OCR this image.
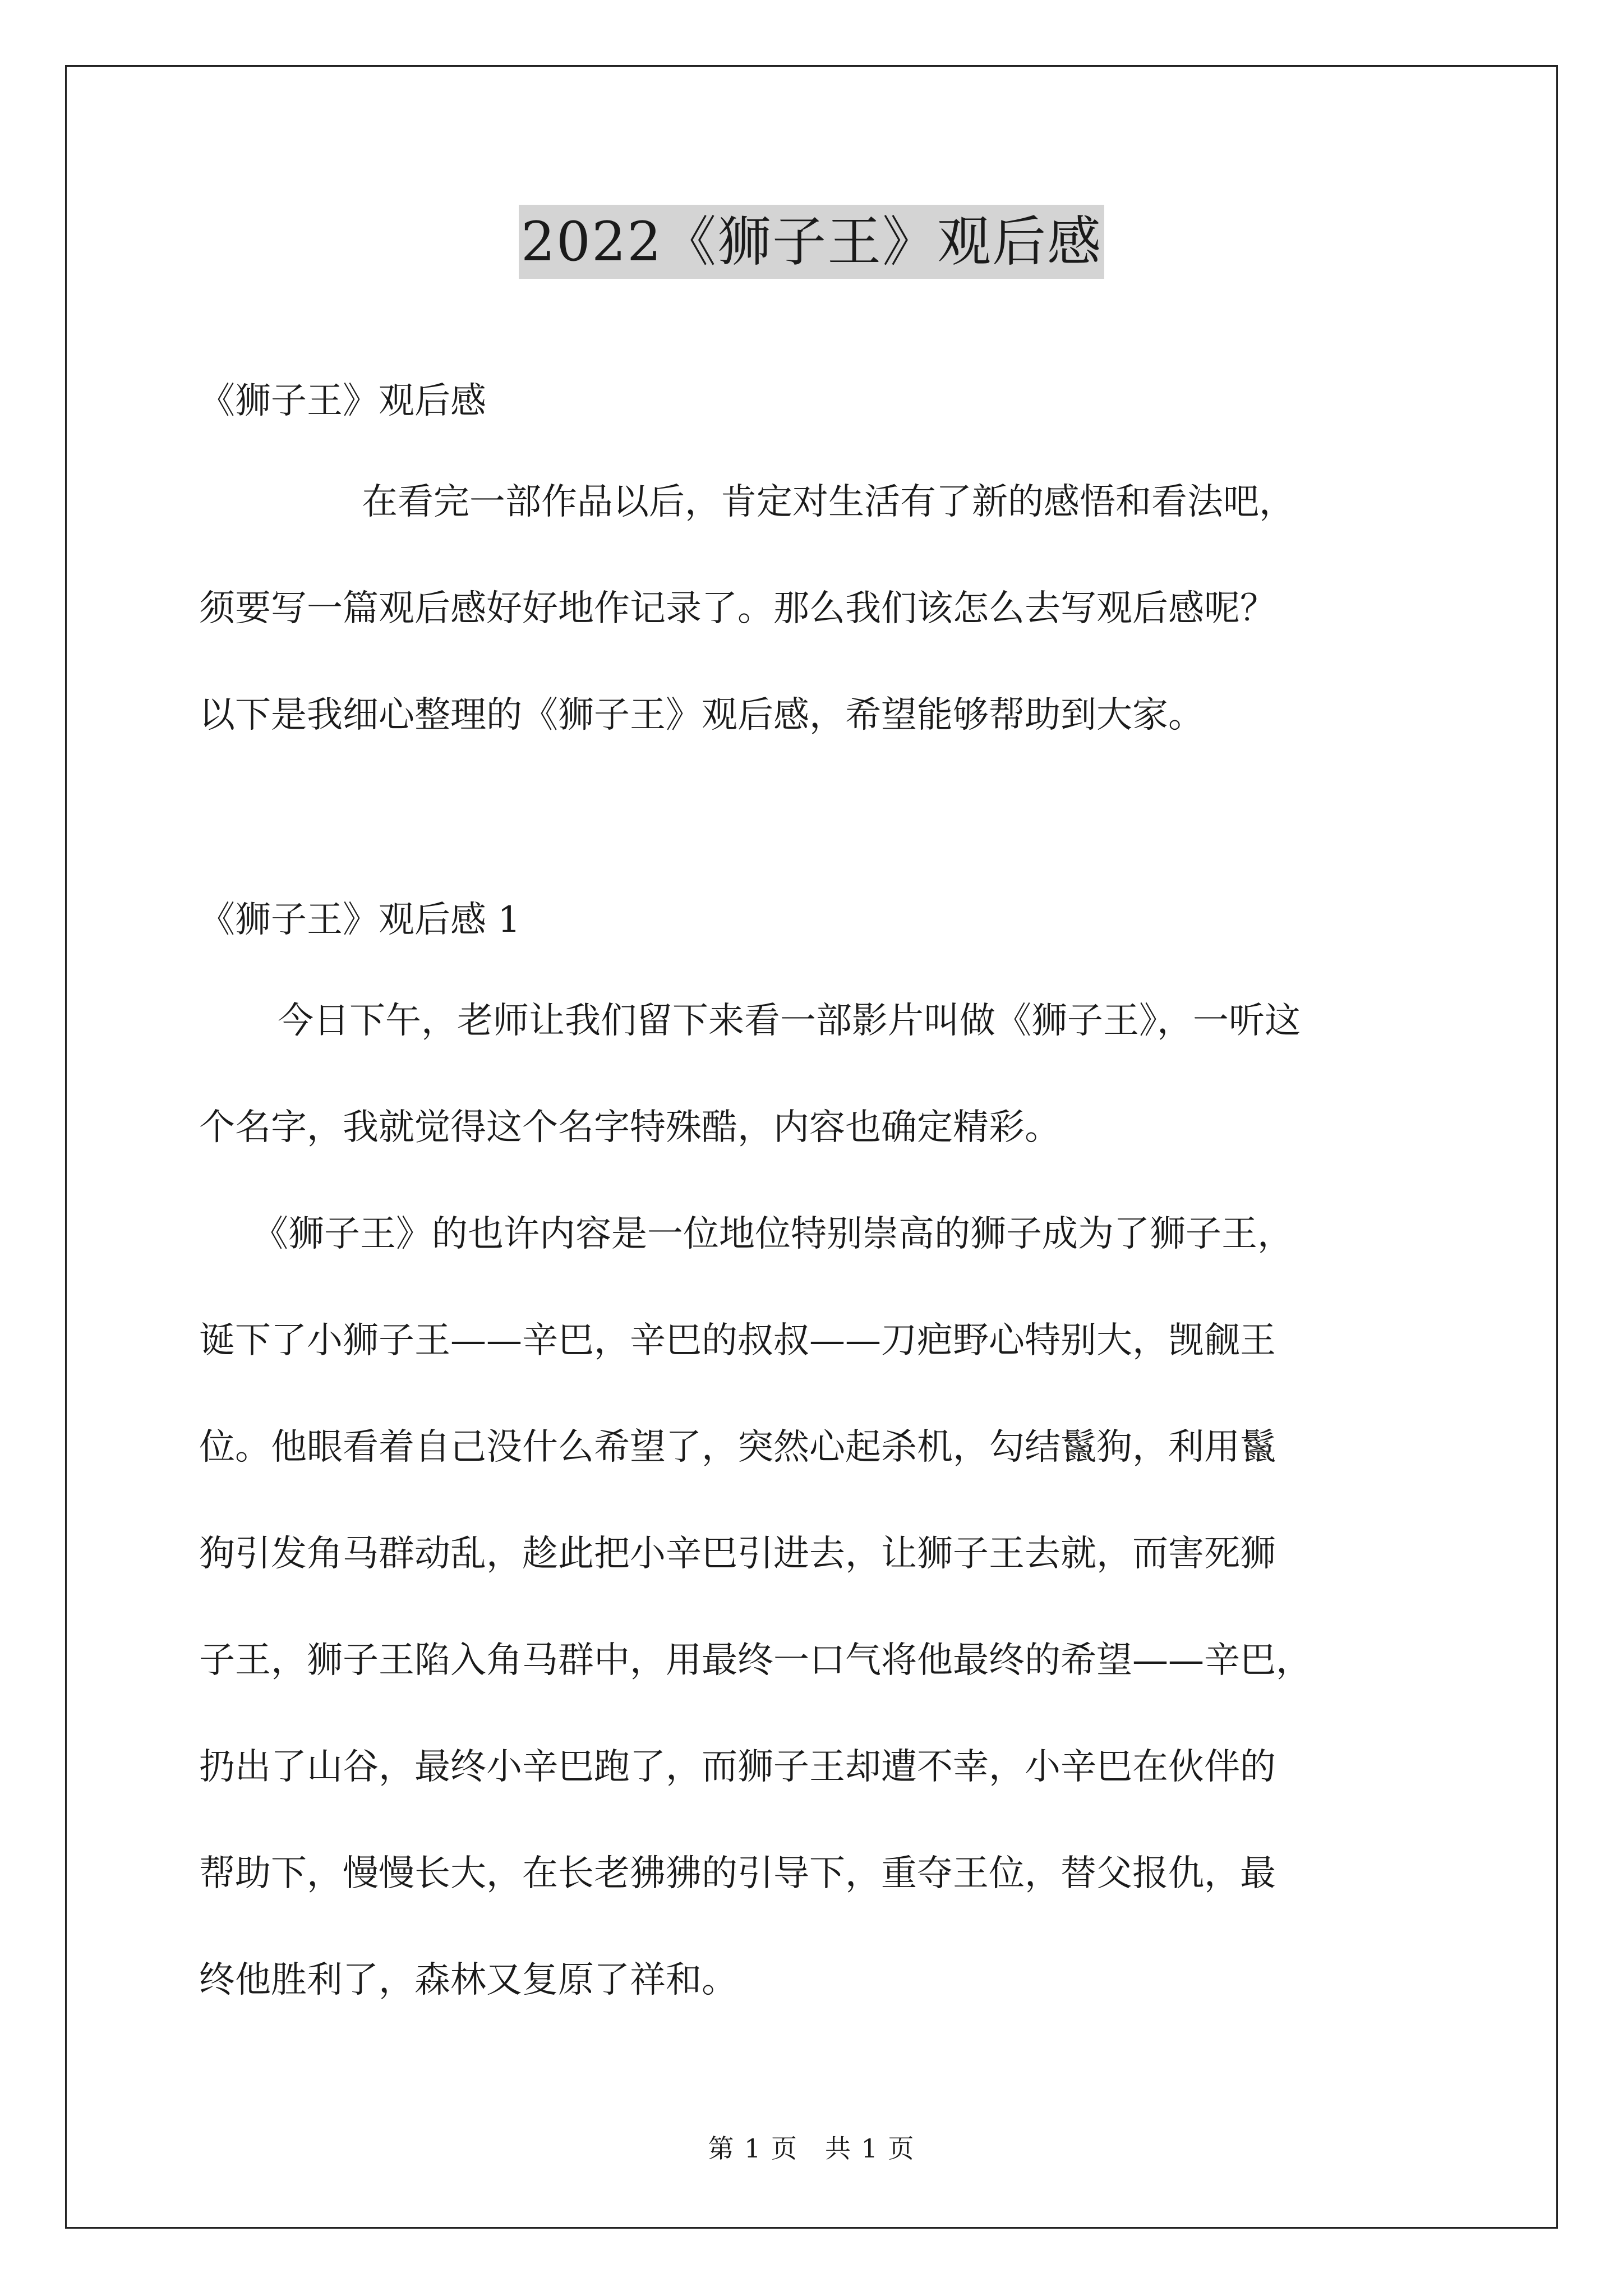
2022《狮子王》观后感
《狮子王》观后感
在看完一部作品以后，肯定对生活有了新的感悟和看法吧，
须要写一篇观后感好好地作记录了。那么我们该怎么去写观后感呢？
以下是我细心整理的《狮子王》观后感，希望能够帮助到大家。
《狮子王》观后感 1
今日下午，老师让我们留下来看一部影片叫做《狮子王》，一听这
个名字，我就觉得这个名字特殊酷，内容也确定精彩。
《狮子王》的也许内容是一位地位特别崇高的狮子成为了狮子王，
诞下了小狮子王——辛巴，辛巴的叔叔——刀疤野心特别大，觊觎王
位。他眼看着自己没什么希望了，突然心起杀机，勾结鬣狗，利用鬣
狗引发角马群动乱，趁此把小辛巴引进去，让狮子王去就，而害死狮
子王，狮子王陷入角马群中，用最终一口气将他最终的希望——辛巴，
扔出了山谷，最终小辛巴跑了，而狮子王却遭不幸，小辛巴在伙伴的
帮助下，慢慢长大，在长老狒狒的引导下，重夺王位，替父报仇，最
终他胜利了，森林又复原了祥和。
第 1 页　共 1 页
